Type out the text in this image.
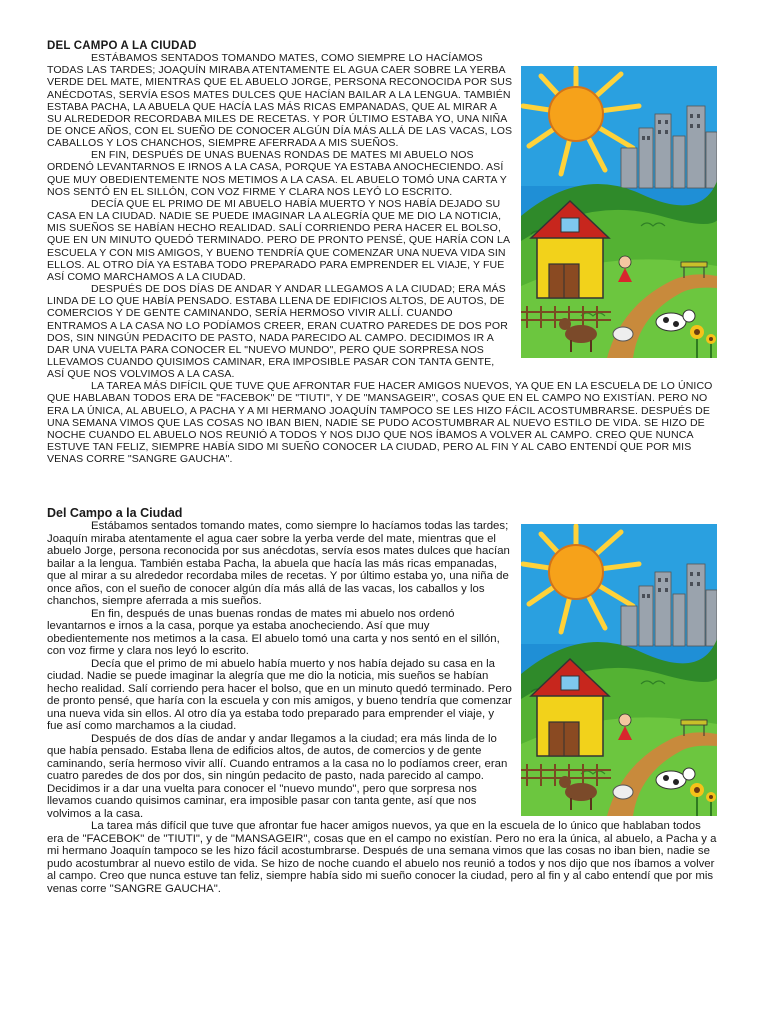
DEL CAMPO A LA CIUDAD

ESTÁBAMOS SENTADOS TOMANDO MATES, COMO SIEMPRE LO HACÍAMOS TODAS LAS TARDES; JOAQUÍN MIRABA ATENTAMENTE EL AGUA CAER SOBRE LA YERBA VERDE DEL MATE, MIENTRAS QUE EL ABUELO JORGE, PERSONA RECONOCIDA POR SUS ANÉCDOTAS, SERVÍA ESOS MATES DULCES QUE HACÍAN BAILAR A LA LENGUA. TAMBIÉN ESTABA PACHA, LA ABUELA QUE HACÍA LAS MÁS RICAS EMPANADAS, QUE AL MIRAR A SU ALREDEDOR RECORDABA MILES DE RECETAS. Y POR ÚLTIMO ESTABA YO, UNA NIÑA DE ONCE AÑOS, CON EL SUEÑO DE CONOCER ALGÚN DÍA MÁS ALLÁ DE LAS VACAS, LOS CABALLOS Y LOS CHANCHOS, SIEMPRE AFERRADA A MIS SUEÑOS.

EN FIN, DESPUÉS DE UNAS BUENAS RONDAS DE MATES MI ABUELO NOS ORDENÓ LEVANTARNOS E IRNOS A LA CASA, PORQUE YA ESTABA ANOCHECIENDO. ASÍ QUE MUY OBEDIENTEMENTE NOS METIMOS A LA CASA. EL ABUELO TOMÓ UNA CARTA Y NOS SENTÓ EN EL SILLÓN, CON VOZ FIRME Y CLARA NOS LEYÓ LO ESCRITO.

DECÍA QUE EL PRIMO DE MI ABUELO HABÍA MUERTO Y NOS HABÍA DEJADO SU CASA EN LA CIUDAD. NADIE SE PUEDE IMAGINAR LA ALEGRÍA QUE ME DIO LA NOTICIA, MIS SUEÑOS SE HABÍAN HECHO REALIDAD. SALÍ CORRIENDO PERA HACER EL BOLSO, QUE EN UN MINUTO QUEDÓ TERMINADO. PERO DE PRONTO PENSÉ, QUE HARÍA CON LA ESCUELA Y CON MIS AMIGOS, Y BUENO TENDRÍA QUE COMENZAR UNA NUEVA VIDA SIN ELLOS. AL OTRO DÍA YA ESTABA TODO PREPARADO PARA EMPRENDER EL VIAJE, Y FUE ASÍ COMO MARCHAMOS A LA CIUDAD.

DESPUÉS DE DOS DÍAS DE ANDAR Y ANDAR LLEGAMOS A LA CIUDAD; ERA MÁS LINDA DE LO QUE HABÍA PENSADO. ESTABA LLENA DE EDIFICIOS ALTOS, DE AUTOS, DE COMERCIOS Y DE GENTE CAMINANDO, SERÍA HERMOSO VIVIR ALLÍ. CUANDO ENTRAMOS A LA CASA NO LO PODÍAMOS CREER, ERAN CUATRO PAREDES DE DOS POR DOS, SIN NINGÚN PEDACITO DE PASTO, NADA PARECIDO AL CAMPO. DECIDIMOS IR A DAR UNA VUELTA PARA CONOCER EL "NUEVO MUNDO", PERO QUE SORPRESA NOS LLEVAMOS CUANDO QUISIMOS CAMINAR, ERA IMPOSIBLE PASAR CON TANTA GENTE, ASÍ QUE NOS VOLVIMOS A LA CASA.

LA TAREA MÁS DIFÍCIL QUE TUVE QUE AFRONTAR FUE HACER AMIGOS NUEVOS, YA QUE EN LA ESCUELA DE LO ÚNICO QUE HABLABAN TODOS ERA DE "FACEBOK" DE "TIUTI", Y DE "MANSAGEIR", COSAS QUE EN EL CAMPO NO EXISTÍAN. PERO NO ERA LA ÚNICA, AL ABUELO, A PACHA Y A MI HERMANO JOAQUÍN TAMPOCO SE LES HIZO FÁCIL ACOSTUMBRARSE. DESPUÉS DE UNA SEMANA VIMOS QUE LAS COSAS NO IBAN BIEN, NADIE SE PUDO ACOSTUMBRAR AL NUEVO ESTILO DE VIDA. SE HIZO DE NOCHE CUANDO EL ABUELO NOS REUNIÓ A TODOS Y NOS DIJO QUE NOS ÍBAMOS A VOLVER AL CAMPO. CREO QUE NUNCA ESTUVE TAN FELIZ, SIEMPRE HABÍA SIDO MI SUEÑO CONOCER LA CIUDAD, PERO AL FIN Y AL CABO ENTENDÍ QUE POR MIS VENAS CORRE "SANGRE GAUCHA".

Del Campo a la Ciudad

Estábamos sentados tomando mates, como siempre lo hacíamos todas las tardes; Joaquín miraba atentamente el agua caer sobre la yerba verde del mate, mientras que el abuelo Jorge, persona reconocida por sus anécdotas, servía esos mates dulces que hacían bailar a la lengua. También estaba Pacha, la abuela que hacía las más ricas empanadas, que al mirar a su alrededor recordaba miles de recetas. Y por último estaba yo, una niña de once años, con el sueño de conocer algún día más allá de las vacas, los caballos y los chanchos, siempre aferrada a mis sueños.

En fin, después de unas buenas rondas de mates mi abuelo nos ordenó levantarnos e irnos a la casa, porque ya estaba anocheciendo. Así que muy obedientemente nos metimos a la casa. El abuelo tomó una carta y nos sentó en el sillón, con voz firme y clara nos leyó lo escrito.

Decía que el primo de mi abuelo había muerto y nos había dejado su casa en la ciudad. Nadie se puede imaginar la alegría que me dio la noticia, mis sueños se habían hecho realidad. Salí corriendo pera hacer el bolso, que en un minuto quedó terminado. Pero de pronto pensé, que haría con la escuela y con mis amigos, y bueno tendría que comenzar una nueva vida sin ellos. Al otro día ya estaba todo preparado para emprender el viaje, y fue así como marchamos a la ciudad.

Después de dos días de andar y andar llegamos a la ciudad; era más linda de lo que había pensado. Estaba llena de edificios altos, de autos, de comercios y de gente caminando, sería hermoso vivir allí. Cuando entramos a la casa no lo podíamos creer, eran cuatro paredes de dos por dos, sin ningún pedacito de pasto, nada parecido al campo. Decidimos ir a dar una vuelta para conocer el "nuevo mundo", pero que sorpresa nos llevamos cuando quisimos caminar, era imposible pasar con tanta gente, así que nos volvimos a la casa.

La tarea más difícil que tuve que afrontar fue hacer amigos nuevos, ya que en la escuela de lo único que hablaban todos era de "FACEBOK" de "TIUTI", y de "MANSAGEIR", cosas que en el campo no existían. Pero no era la única, al abuelo, a Pacha y a mi hermano Joaquín tampoco se les hizo fácil acostumbrarse. Después de una semana vimos que las cosas no iban bien, nadie se pudo acostumbrar al nuevo estilo de vida. Se hizo de noche cuando el abuelo nos reunió a todos y nos dijo que nos íbamos a volver al campo. Creo que nunca estuve tan feliz, siempre había sido mi sueño conocer la ciudad, pero al fin y al cabo entendí que por mis venas corre "SANGRE GAUCHA".
